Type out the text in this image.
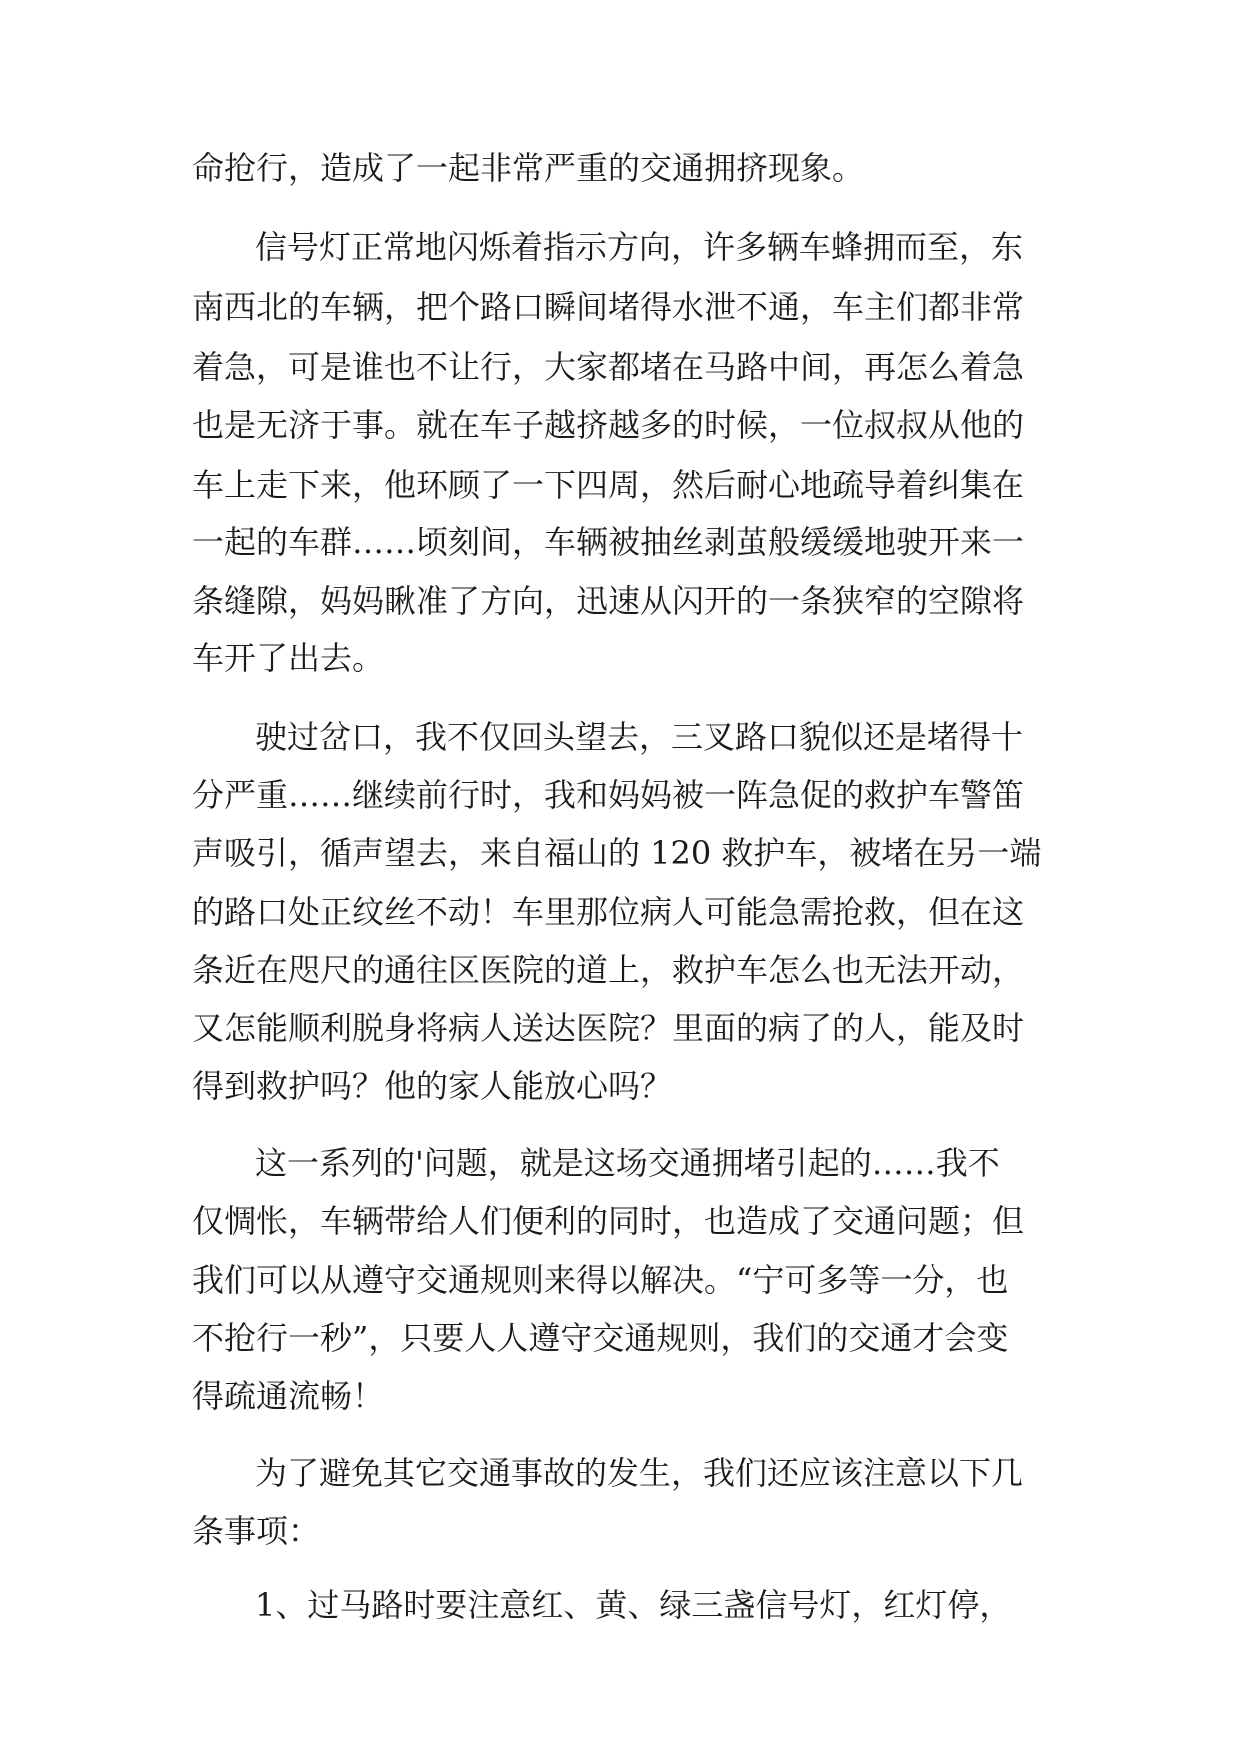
命抢行，造成了一起非常严重的交通拥挤现象。
信号灯正常地闪烁着指示方向，许多辆车蜂拥而至，东
南西北的车辆，把个路口瞬间堵得水泄不通，车主们都非常
着急，可是谁也不让行，大家都堵在马路中间，再怎么着急
也是无济于事。就在车子越挤越多的时候，一位叔叔从他的
车上走下来，他环顾了一下四周，然后耐心地疏导着纠集在
一起的车群……顷刻间，车辆被抽丝剥茧般缓缓地驶开来一
条缝隙，妈妈瞅准了方向，迅速从闪开的一条狭窄的空隙将
车开了出去。
驶过岔口，我不仅回头望去，三叉路口貌似还是堵得十
分严重……继续前行时，我和妈妈被一阵急促的救护车警笛
声吸引，循声望去，来自福山的 120 救护车，被堵在另一端
的路口处正纹丝不动！车里那位病人可能急需抢救，但在这
条近在咫尺的通往区医院的道上，救护车怎么也无法开动，
又怎能顺利脱身将病人送达医院？里面的病了的人，能及时
得到救护吗？他的家人能放心吗？
这一系列的'问题，就是这场交通拥堵引起的……我不
仅惆怅，车辆带给人们便利的同时，也造成了交通问题；但
我们可以从遵守交通规则来得以解决。“宁可多等一分，也
不抢行一秒”，只要人人遵守交通规则，我们的交通才会变
得疏通流畅！
为了避免其它交通事故的发生，我们还应该注意以下几
条事项：
1、过马路时要注意红、黄、绿三盏信号灯，红灯停，
